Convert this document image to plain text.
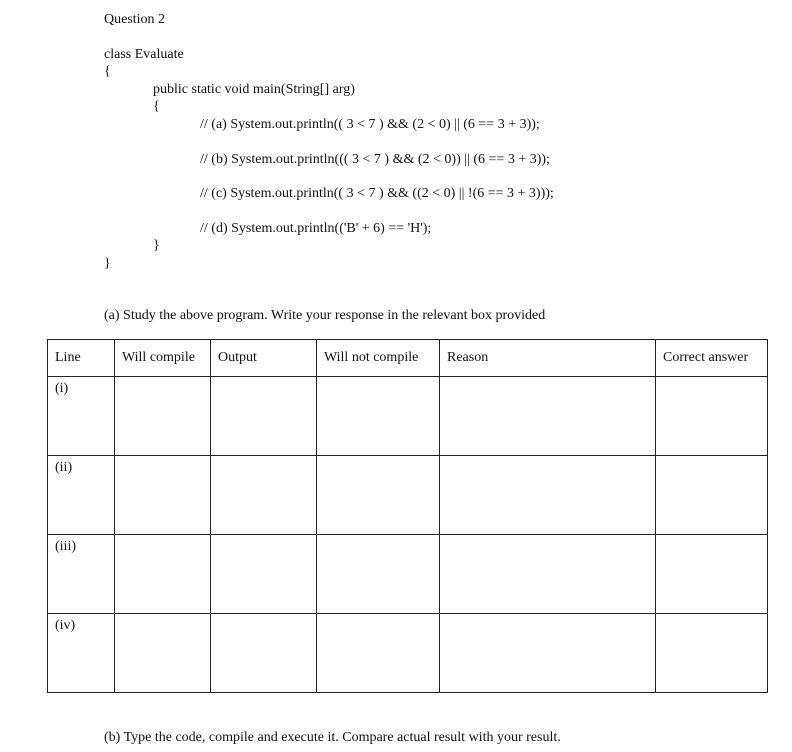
Question 2
class Evaluate
{
public static void main(String[] arg)
{
// (a) System.out.println(( 3 < 7 ) && (2 < 0) || (6 == 3 + 3));
// (b) System.out.println((( 3 < 7 ) && (2 < 0)) || (6 == 3 + 3));
// (c) System.out.println(( 3 < 7 ) && ((2 < 0) || !(6 == 3 + 3)));
// (d) System.out.println(('B' + 6) == 'H');
}
}
(a) Study the above program. Write your response in the relevant box provided
Line	Will compile	Output	Will not compile	Reason	Correct answer
(i)					
(ii)					
(iii)					
(iv)					
(b) Type the code, compile and execute it. Compare actual result with your result.
